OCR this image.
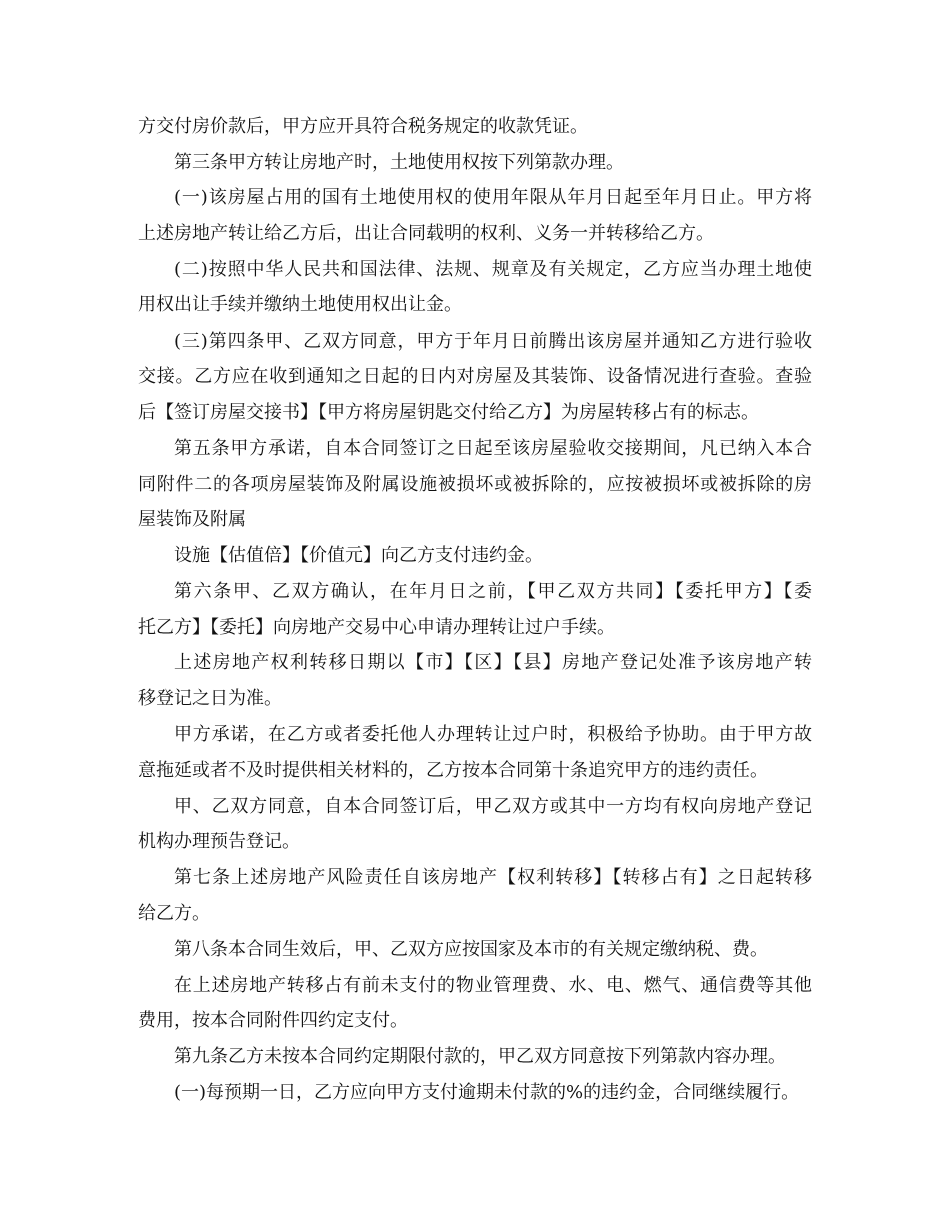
方交付房价款后，甲方应开具符合税务规定的收款凭证。
第三条甲方转让房地产时，土地使用权按下列第款办理。
(一)该房屋占用的国有土地使用权的使用年限从年月日起至年月日止。甲方将
上述房地产转让给乙方后，出让合同载明的权利、义务一并转移给乙方。
(二)按照中华人民共和国法律、法规、规章及有关规定，乙方应当办理土地使
用权出让手续并缴纳土地使用权出让金。
(三)第四条甲、乙双方同意，甲方于年月日前腾出该房屋并通知乙方进行验收
交接。乙方应在收到通知之日起的日内对房屋及其装饰、设备情况进行查验。查验
后【签订房屋交接书】【甲方将房屋钥匙交付给乙方】为房屋转移占有的标志。
第五条甲方承诺，自本合同签订之日起至该房屋验收交接期间，凡已纳入本合
同附件二的各项房屋装饰及附属设施被损坏或被拆除的，应按被损坏或被拆除的房
屋装饰及附属
设施【估值倍】【价值元】向乙方支付违约金。
第六条甲、乙双方确认，在年月日之前，【甲乙双方共同】【委托甲方】【委
托乙方】【委托】向房地产交易中心申请办理转让过户手续。
上述房地产权利转移日期以【市】【区】【县】房地产登记处准予该房地产转
移登记之日为准。
甲方承诺，在乙方或者委托他人办理转让过户时，积极给予协助。由于甲方故
意拖延或者不及时提供相关材料的，乙方按本合同第十条追究甲方的违约责任。
甲、乙双方同意，自本合同签订后，甲乙双方或其中一方均有权向房地产登记
机构办理预告登记。
第七条上述房地产风险责任自该房地产【权利转移】【转移占有】之日起转移
给乙方。
第八条本合同生效后，甲、乙双方应按国家及本市的有关规定缴纳税、费。
在上述房地产转移占有前未支付的物业管理费、水、电、燃气、通信费等其他
费用，按本合同附件四约定支付。
第九条乙方未按本合同约定期限付款的，甲乙双方同意按下列第款内容办理。
(一)每预期一日，乙方应向甲方支付逾期未付款的%的违约金，合同继续履行。
